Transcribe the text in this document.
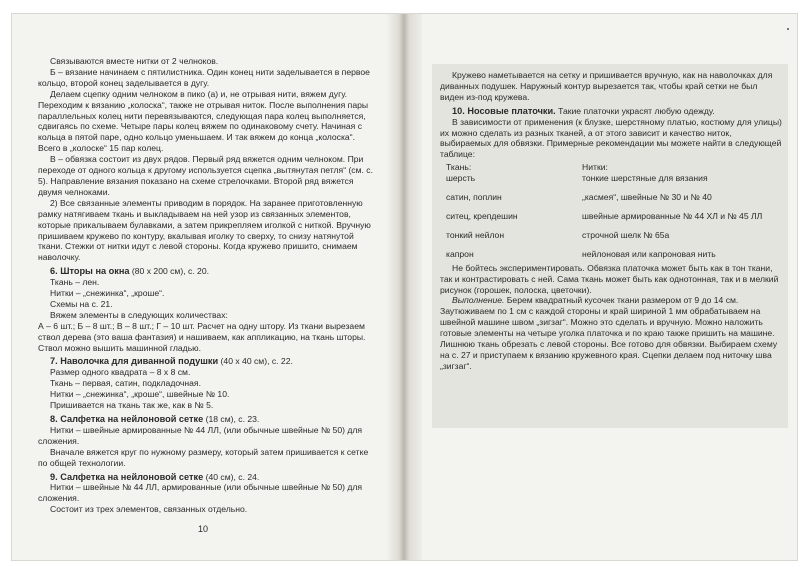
Связываются вместе нитки от 2 челноков.

Б – вязание начинаем с пятилистника. Один конец нити заделывается в первое кольцо, второй конец заделывается в дугу.

Делаем сцепку одним челноком в пико (а) и, не отрывая нити, вяжем дугу. Переходим к вязанию „колоска“, также не отрывая ниток. После выполнения пары параллельных колец нити перевязываются, следующая пара колец выполняется, сдвигаясь по схеме. Четыре пары колец вяжем по одинаковому счету. Начиная с кольца в пятой паре, одно кольцо уменьшаем. И так вяжем до конца „колоска“. Всего в „колоске“ 15 пар колец.

В – обвязка состоит из двух рядов. Первый ряд вяжется одним челноком. При переходе от одного кольца к другому используется сцепка „вытянутая петля“ (см. с. 5). Направление вязания показано на схеме стрелочками. Второй ряд вяжется двумя челноками.

2) Все связанные элементы приводим в порядок. На заранее приготовленную рамку натягиваем ткань и выкладываем на ней узор из связанных элементов, которые прикалываем булавками, а затем прикрепляем иголкой с ниткой. Вручную пришиваем кружево по контуру, вкалывая иголку то сверху, то снизу натянутой ткани. Стежки от нитки идут с левой стороны. Когда кружево пришито, снимаем наволочку.

6. Шторы на окна (80 х 200 см), с. 20.

Ткань – лен.

Нитки – „снежинка“, „кроше“.

Схемы на с. 21.

Вяжем элементы в следующих количествах:

А – 6 шт.; Б – 8 шт.; В – 8 шт.; Г – 10 шт. Расчет на одну штору. Из ткани вырезаем ствол дерева (это ваша фантазия) и нашиваем, как аппликацию, на ткань шторы. Ствол можно вышить машинной гладью.

7. Наволочка для диванной подушки (40 х 40 см), с. 22.

Размер одного квадрата – 8 х 8 см.

Ткань – первая, сатин, подкладочная.

Нитки – „снежинка“, „кроше“, швейные № 10.

Пришивается на ткань так же, как в № 5.

8. Салфетка на нейлоновой сетке (18 см), с. 23.

Нитки – швейные армированные № 44 ЛЛ, (или обычные швейные № 50) для сложения.

Вначале вяжется круг по нужному размеру, который затем пришивается к сетке по общей технологии.

9. Салфетка на нейлоновой сетке (40 см), с. 24.

Нитки – швейные № 44 ЛЛ, армированные (или обычные швейные № 50) для сложения.

Состоит из трех элементов, связанных отдельно.

10

Кружево наметывается на сетку и пришивается вручную, как на наволочках для диванных подушек. Наружный контур вырезается так, чтобы край сетки не был виден из-под кружева.

10. Носовые платочки. Такие платочки украсят любую одежду.

В зависимости от применения (к блузке, шерстяному платью, костюму для улицы) их можно сделать из разных тканей, а от этого зависит и качество ниток, выбираемых для обвязки. Примерные рекомендации мы можете найти в следующей таблице:

Ткань:	Нитки:
шерсть	тонкие шерстяные для вязания
сатин, поплин	„касмея“, швейные № 30 и № 40
ситец, крепдешин	швейные армированные № 44 ХЛ и № 45 ЛЛ
тонкий нейлон	строчной шелк № 65а
капрон	нейлоновая или капроновая нить

Не бойтесь экспериментировать. Обвязка платочка может быть как в тон ткани, так и контрастировать с ней. Сама ткань может быть как однотонная, так и в мелкий рисунок (горошек, полоска, цветочки).

Выполнение. Берем квадратный кусочек ткани размером от 9 до 14 см. Заутюживаем по 1 см с каждой стороны и край шириной 1 мм обрабатываем на швейной машине швом „зигзаг“. Можно это сделать и вручную. Можно наложить готовые элементы на четыре уголка платочка и по краю также пришить на машине. Лишнюю ткань обрезать с левой стороны. Все готово для обвязки. Выбираем схему на с. 27 и приступаем к вязанию кружевного края. Сцепки делаем под ниточку шва „зигзаг“.
